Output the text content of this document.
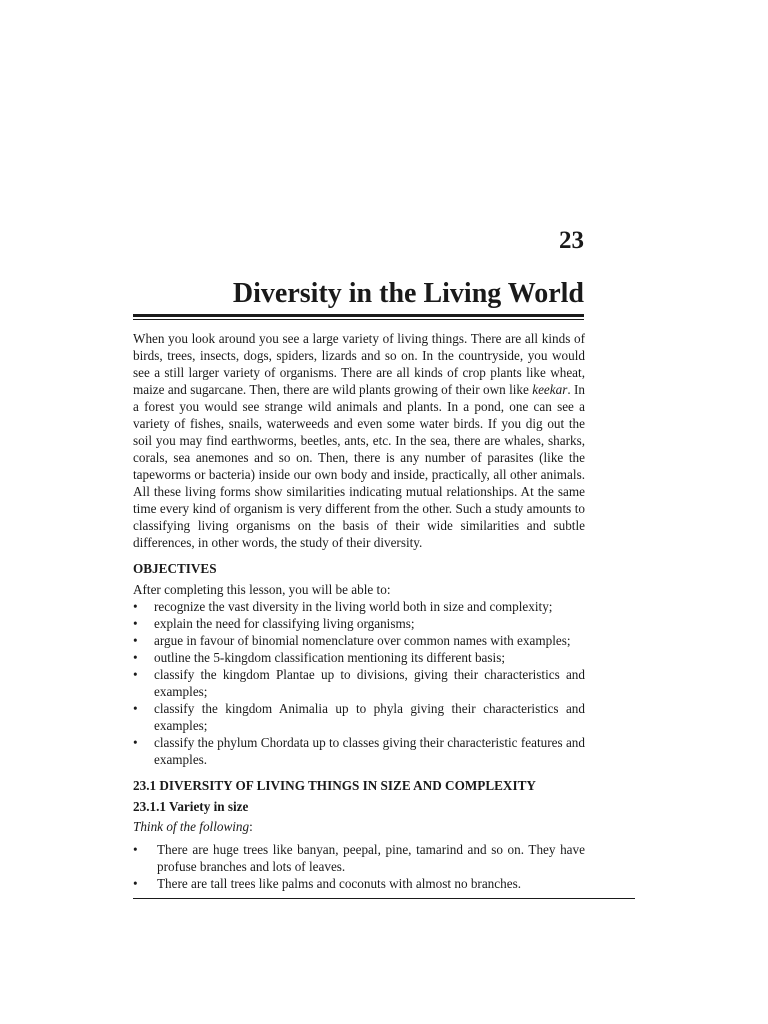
23
Diversity in the Living World

When you look around you see a large variety of living things. There are all kinds of birds, trees, insects, dogs, spiders, lizards and so on. In the countryside, you would see a still larger variety of organisms. There are all kinds of crop plants like wheat, maize and sugarcane. Then, there are wild plants growing of their own like keekar. In a forest you would see strange wild animals and plants. In a pond, one can see a variety of fishes, snails, waterweeds and even some water birds. If you dig out the soil you may find earthworms, beetles, ants, etc. In the sea, there are whales, sharks, corals, sea anemones and so on. Then, there is any number of parasites (like the tapeworms or bacteria) inside our own body and inside, practically, all other animals. All these living forms show similarities indicating mutual relationships. At the same time every kind of organism is very different from the other. Such a study amounts to classifying living organisms on the basis of their wide similarities and subtle differences, in other words, the study of their diversity.

OBJECTIVES

After completing this lesson, you will be able to:

• recognize the vast diversity in the living world both in size and complexity;
• explain the need for classifying living organisms;
• argue in favour of binomial nomenclature over common names with examples;
• outline the 5-kingdom classification mentioning its different basis;
• classify the kingdom Plantae up to divisions, giving their characteristics and examples;
• classify the kingdom Animalia up to phyla giving their characteristics and examples;
• classify the phylum Chordata up to classes giving their characteristic features and examples.
23.1 DIVERSITY OF LIVING THINGS IN SIZE AND COMPLEXITY
23.1.1 Variety in size
Think of the following:
• There are huge trees like banyan, peepal, pine, tamarind and so on. They have profuse branches and lots of leaves.
• There are tall trees like palms and coconuts with almost no branches.
